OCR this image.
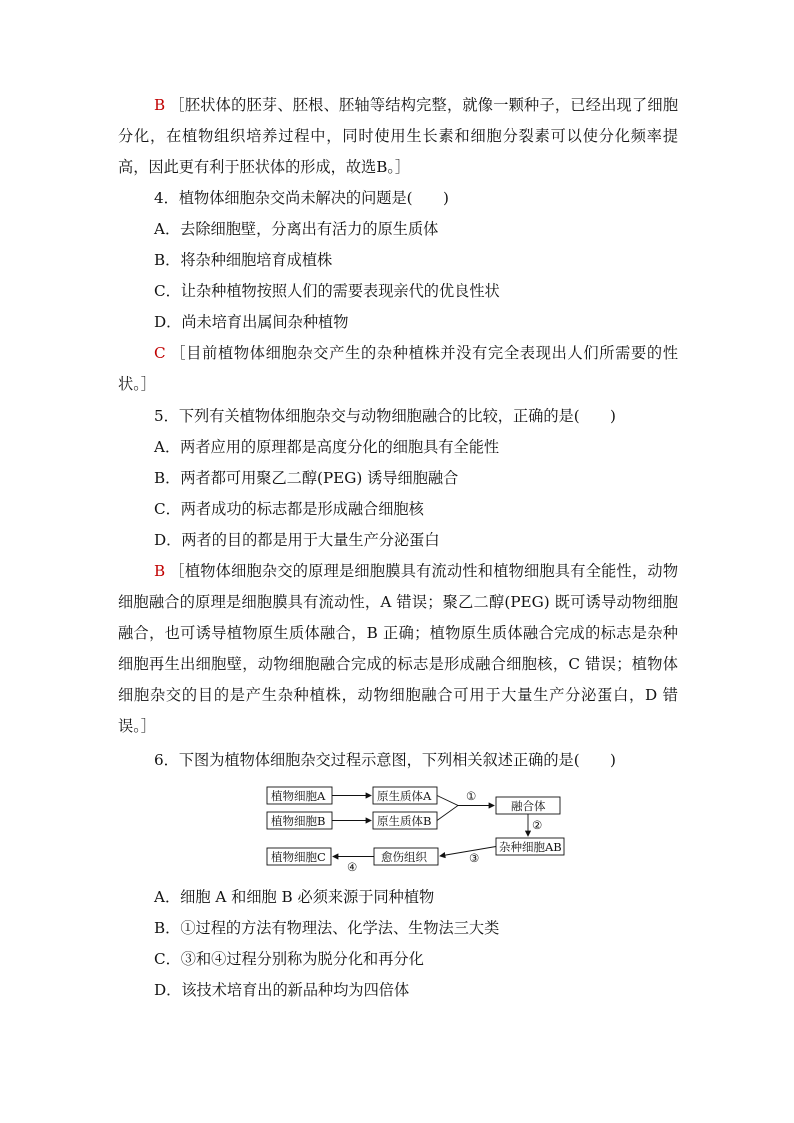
B ［胚状体的胚芽、胚根、胚轴等结构完整，就像一颗种子，已经出现了细胞分化，在植物组织培养过程中，同时使用生长素和细胞分裂素可以使分化频率提高，因此更有利于胚状体的形成，故选B。］

4．植物体细胞杂交尚未解决的问题是(　　)

A．去除细胞壁，分离出有活力的原生质体

B．将杂种细胞培育成植株

C．让杂种植物按照人们的需要表现亲代的优良性状

D．尚未培育出属间杂种植物

C ［目前植物体细胞杂交产生的杂种植株并没有完全表现出人们所需要的性状。］

5．下列有关植物体细胞杂交与动物细胞融合的比较，正确的是(　　)

A．两者应用的原理都是高度分化的细胞具有全能性

B．两者都可用聚乙二醇(PEG) 诱导细胞融合

C．两者成功的标志都是形成融合细胞核

D．两者的目的都是用于大量生产分泌蛋白

B ［植物体细胞杂交的原理是细胞膜具有流动性和植物细胞具有全能性，动物细胞融合的原理是细胞膜具有流动性，A 错误；聚乙二醇(PEG) 既可诱导动物细胞融合，也可诱导植物原生质体融合，B 正确；植物原生质体融合完成的标志是杂种细胞再生出细胞壁，动物细胞融合完成的标志是形成融合细胞核，C 错误；植物体细胞杂交的目的是产生杂种植株，动物细胞融合可用于大量生产分泌蛋白，D 错误。］

6．下图为植物体细胞杂交过程示意图，下列相关叙述正确的是(　　)

植物细胞A
植物细胞B
原生质体A
原生质体B
融合体
杂种细胞AB
愈伤组织
植物细胞C
①
②
③
④

A．细胞 A 和细胞 B 必须来源于同种植物

B．①过程的方法有物理法、化学法、生物法三大类

C．③和④过程分别称为脱分化和再分化

D．该技术培育出的新品种均为四倍体
